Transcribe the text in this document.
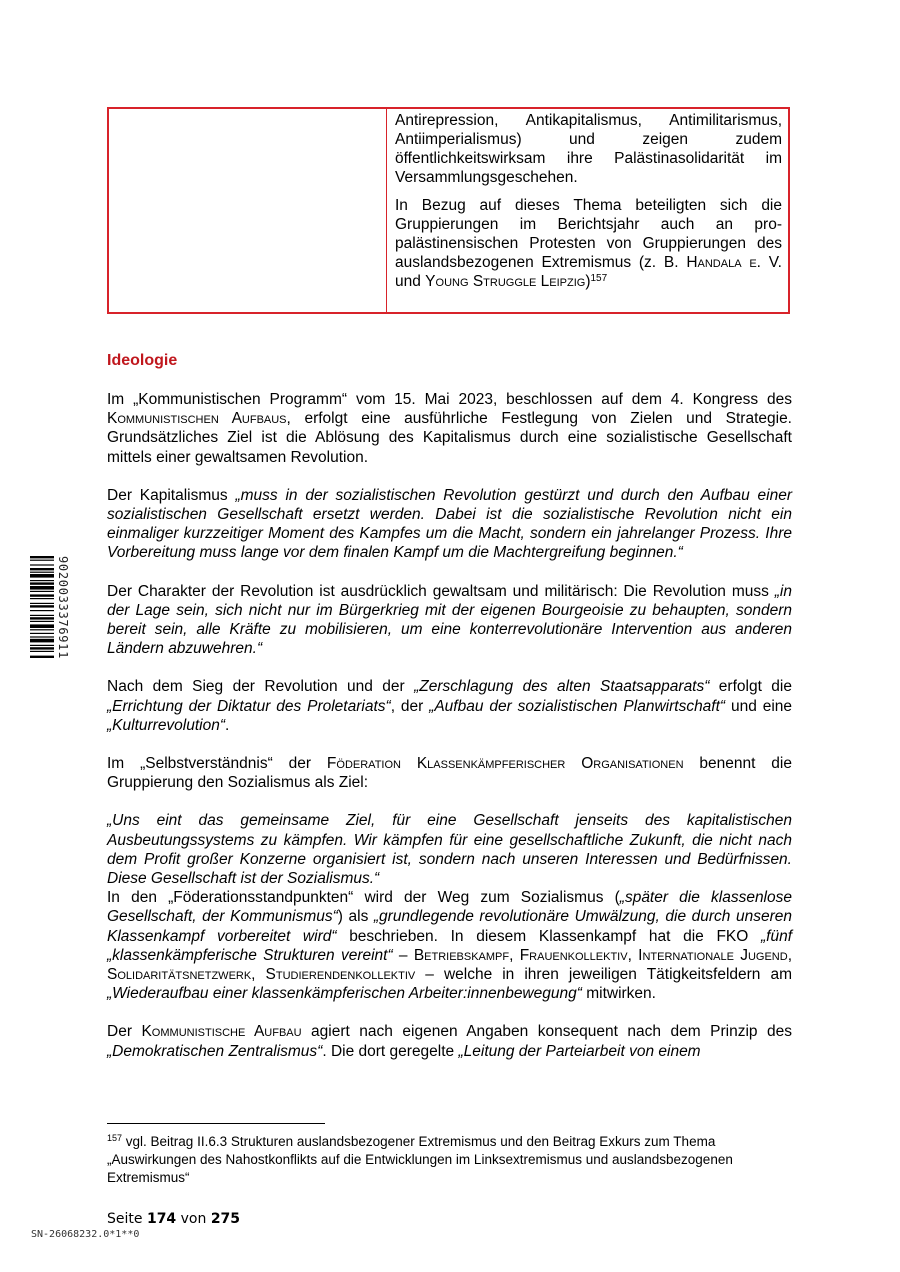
Antirepression, Antikapitalismus, Antimilitarismus, Antiimperialismus) und zeigen zudem öffentlichkeitswirksam ihre Palästinasolidarität im Versammlungsgeschehen.

In Bezug auf dieses Thema beteiligten sich die Gruppierungen im Berichtsjahr auch an pro-palästinensischen Protesten von Gruppierungen des auslandsbezogenen Extremismus (z. B. Handala e. V. und Young Struggle Leipzig)$^{157}$

Ideologie

Im „Kommunistischen Programm“ vom 15. Mai 2023, beschlossen auf dem 4. Kongress des Kommunistischen Aufbaus, erfolgt eine ausführliche Festlegung von Zielen und Strategie. Grundsätzliches Ziel ist die Ablösung des Kapitalismus durch eine sozialistische Gesellschaft mittels einer gewaltsamen Revolution.

Der Kapitalismus „muss in der sozialistischen Revolution gestürzt und durch den Aufbau einer sozialistischen Gesellschaft ersetzt werden. Dabei ist die sozialistische Revolution nicht ein einmaliger kurzzeitiger Moment des Kampfes um die Macht, sondern ein jahrelanger Prozess. Ihre Vorbereitung muss lange vor dem finalen Kampf um die Machtergreifung beginnen.“

Der Charakter der Revolution ist ausdrücklich gewaltsam und militärisch: Die Revolution muss „in der Lage sein, sich nicht nur im Bürgerkrieg mit der eigenen Bourgeoisie zu behaupten, sondern bereit sein, alle Kräfte zu mobilisieren, um eine konterrevolutionäre Intervention aus anderen Ländern abzuwehren.“

Nach dem Sieg der Revolution und der „Zerschlagung des alten Staatsapparats“ erfolgt die „Errichtung der Diktatur des Proletariats“, der „Aufbau der sozialistischen Planwirtschaft“ und eine „Kulturrevolution“.

Im „Selbstverständnis“ der Föderation Klassenkämpferischer Organisationen benennt die Gruppierung den Sozialismus als Ziel:

„Uns eint das gemeinsame Ziel, für eine Gesellschaft jenseits des kapitalistischen Ausbeutungssystems zu kämpfen. Wir kämpfen für eine gesellschaftliche Zukunft, die nicht nach dem Profit großer Konzerne organisiert ist, sondern nach unseren Interessen und Bedürfnissen. Diese Gesellschaft ist der Sozialismus.“

In den „Föderationsstandpunkten“ wird der Weg zum Sozialismus („später die klassenlose Gesellschaft, der Kommunismus“) als „grundlegende revolutionäre Umwälzung, die durch unseren Klassenkampf vorbereitet wird“ beschrieben. In diesem Klassenkampf hat die FKO „fünf „klassenkämpferische Strukturen vereint“ – Betriebskampf, Frauenkollektiv, Internationale Jugend, Solidaritätsnetzwerk, Studierendenkollektiv – welche in ihren jeweiligen Tätigkeitsfeldern am „Wiederaufbau einer klassenkämpferischen Arbeiter:innenbewegung“ mitwirken.

Der Kommunistische Aufbau agiert nach eigenen Angaben konsequent nach dem Prinzip des „Demokratischen Zentralismus“. Die dort geregelte „Leitung der Parteiarbeit von einem

$^{157}$ vgl. Beitrag II.6.3 Strukturen auslandsbezogener Extremismus und den Beitrag Exkurs zum Thema „Auswirkungen des Nahostkonflikts auf die Entwicklungen im Linksextremismus und auslandsbezogenen Extremismus“
Seite 174 von 275
SN-26068232.0*1**0
9020033376911
